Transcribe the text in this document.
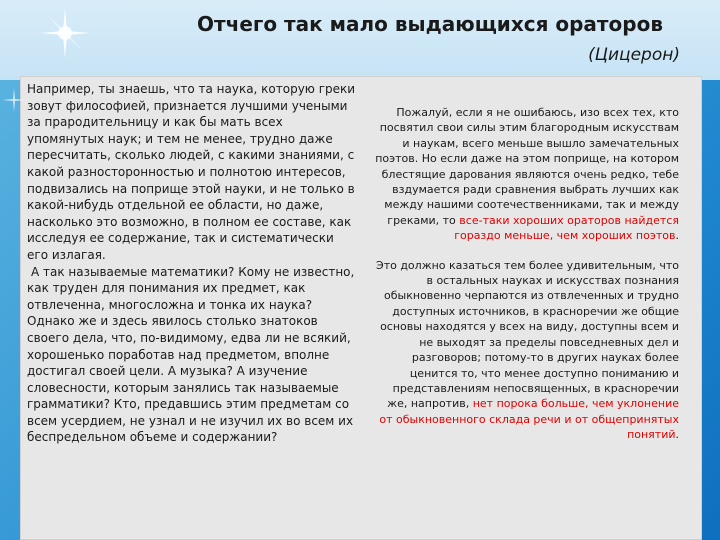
Отчего так мало выдающихся ораторов
(Цицерон)
Например, ты знаешь, что та наука, которую греки зовут философией, признается лучшими учеными за прародительницу и как бы мать всех упомянутых наук; и тем не менее, трудно даже пересчитать, сколько людей, с какими знаниями, с какой разносторонностью и полнотою интересов, подвизались на поприще этой науки, и не только в какой-нибудь отдельной ее области, но даже, насколько это возможно, в полном ее составе, как исследуя ее содержание, так и систематически его излагая.
А так называемые математики? Кому не известно, как труден для понимания их предмет, как отвлеченна, многосложна и тонка их наука? Однако же и здесь явилось столько знатоков своего дела, что, по-видимому, едва ли не всякий, хорошенько поработав над предметом, вполне достигал своей цели. А музыка? А изучение словесности, которым занялись так называемые грамматики? Кто, предавшись этим предметам со всем усердием, не узнал и не изучил их во всем их беспредельном объеме и содержании?

Пожалуй, если я не ошибаюсь, изо всех тех, кто посвятил свои силы этим благородным искусствам и наукам, всего меньше вышло замечательных поэтов. Но если даже на этом поприще, на котором блестящие дарования являются очень редко, тебе вздумается ради сравнения выбрать лучших как между нашими соотечественниками, так и между греками, то все-таки хороших ораторов найдется гораздо меньше, чем хороших поэтов.

Это должно казаться тем более удивительным, что в остальных науках и искусствах познания обыкновенно черпаются из отвлеченных и трудно доступных источников, в красноречии же общие основы находятся у всех на виду, доступны всем и не выходят за пределы повседневных дел и разговоров; потому-то в других науках более ценится то, что менее доступно пониманию и представлениям непосвященных, в красноречии же, напротив, нет порока больше, чем уклонение от обыкновенного склада речи и от общепринятых понятий.
